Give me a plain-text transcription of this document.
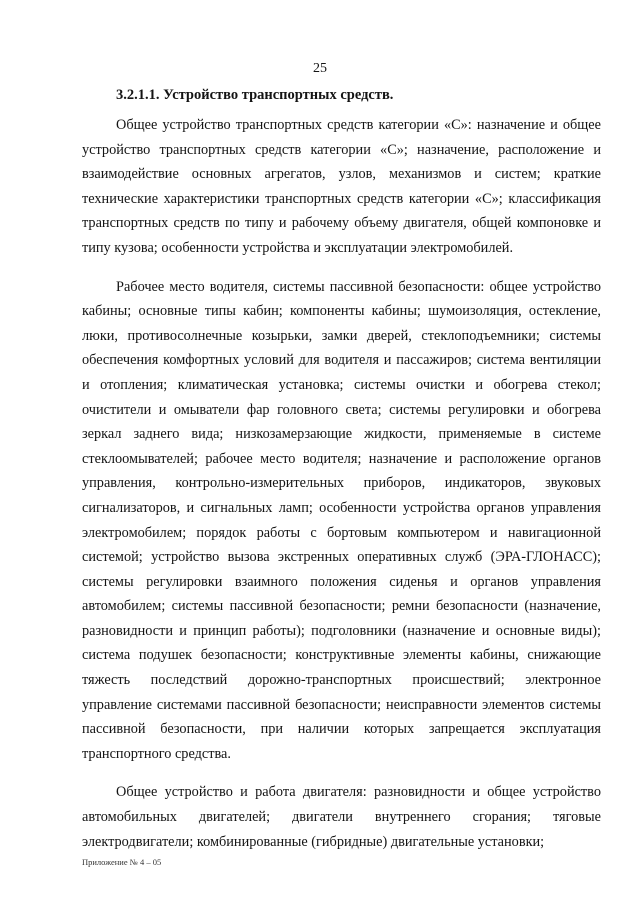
25
3.2.1.1. Устройство транспортных средств.

Общее устройство транспортных средств категории «C»: назначение и общее устройство транспортных средств категории «C»; назначение, расположение и взаимодействие основных агрегатов, узлов, механизмов и систем; краткие технические характеристики транспортных средств категории «C»; классификация транспортных средств по типу и рабочему объему двигателя, общей компоновке и типу кузова; особенности устройства и эксплуатации электромобилей.

Рабочее место водителя, системы пассивной безопасности: общее устройство кабины; основные типы кабин; компоненты кабины; шумоизоляция, остекление, люки, противосолнечные козырьки, замки дверей, стеклоподъемники; системы обеспечения комфортных условий для водителя и пассажиров; система вентиляции и отопления; климатическая установка; системы очистки и обогрева стекол; очистители и омыватели фар головного света; системы регулировки и обогрева зеркал заднего вида; низкозамерзающие жидкости, применяемые в системе стеклоомывателей; рабочее место водителя; назначение и расположение органов управления, контрольно-измерительных приборов, индикаторов, звуковых сигнализаторов, и сигнальных ламп; особенности устройства органов управления электромобилем; порядок работы с бортовым компьютером и навигационной системой; устройство вызова экстренных оперативных служб (ЭРА-ГЛОНАСС); системы регулировки взаимного положения сиденья и органов управления автомобилем; системы пассивной безопасности; ремни безопасности (назначение, разновидности и принцип работы); подголовники (назначение и основные виды); система подушек безопасности; конструктивные элементы кабины, снижающие тяжесть последствий дорожно-транспортных происшествий; электронное управление системами пассивной безопасности; неисправности элементов системы пассивной безопасности, при наличии которых запрещается эксплуатация транспортного средства.

Общее устройство и работа двигателя: разновидности и общее устройство автомобильных двигателей; двигатели внутреннего сгорания; тяговые электродвигатели; комбинированные (гибридные) двигательные установки;

Приложение № 4 – 05
